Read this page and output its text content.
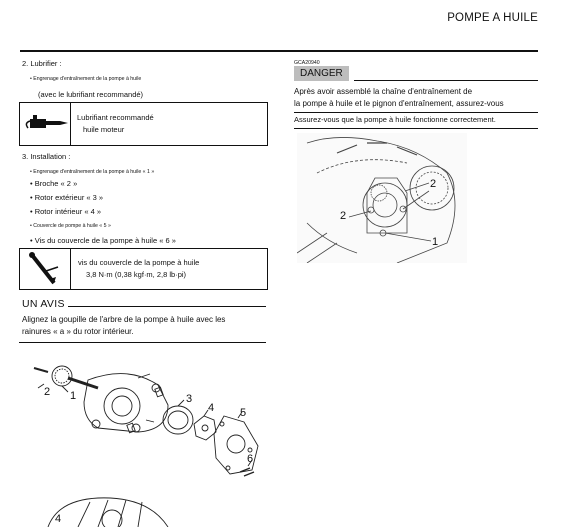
POMPE A HUILE
2. Lubrifier :
• Engrenage d'entraînement de la pompe à huile
(avec le lubrifiant recommandé)
Lubrifiant recommandé
huile moteur
3. Installation :
• Engrenage d'entraînement de la pompe à huile « 1 »
• Broche « 2 »
• Rotor extérieur « 3 »
• Rotor intérieur « 4 »
• Couvercle de pompe à huile « 5 »
• Vis du couvercle de la pompe à huile « 6 »
vis du couvercle de la pompe à huile
3,8 N·m (0,38 kgf·m, 2,8 lb·pi)
UN AVIS
Alignez la goupille de l'arbre de la pompe à huile avec les
rainures « a » du rotor intérieur.
2 1	3
4 5
6
4
GCA20940
DANGER
Après avoir assemblé la chaîne d'entraînement de
la pompe à huile et le pignon d'entraînement, assurez-vous
Assurez-vous que la pompe à huile fonctionne correctement.
2
2
1
